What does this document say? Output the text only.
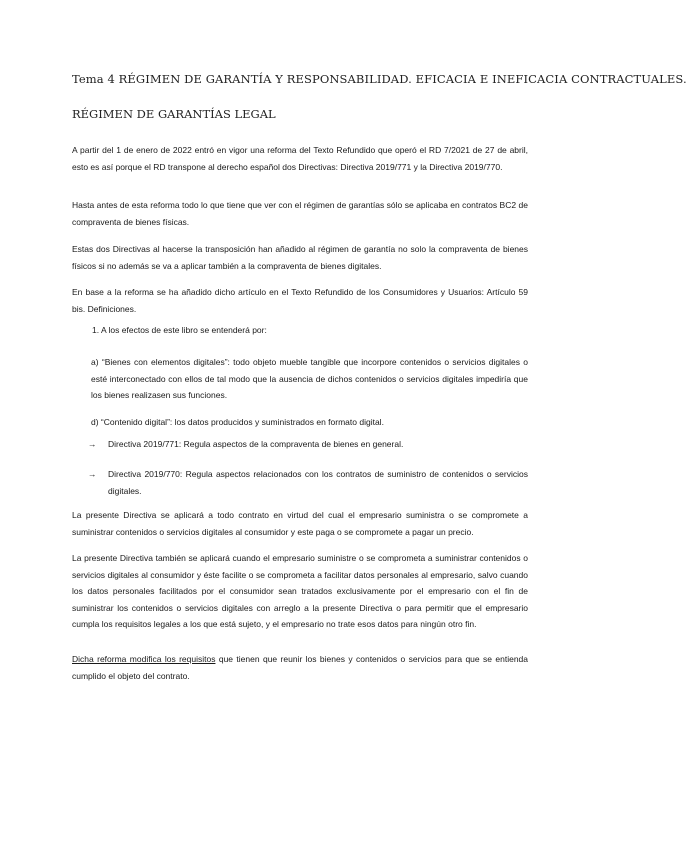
Tema 4 RÉGIMEN DE GARANTÍA Y RESPONSABILIDAD. EFICACIA E INEFICACIA CONTRACTUALES.
RÉGIMEN DE GARANTÍAS LEGAL

A partir del 1 de enero de 2022 entró en vigor una reforma del Texto Refundido que operó el RD 7/2021 de 27 de abril, esto es así porque el RD transpone al derecho español dos Directivas: Directiva 2019/771 y la Directiva 2019/770.

Hasta antes de esta reforma todo lo que tiene que ver con el régimen de garantías sólo se aplicaba en contratos BC2 de compraventa de bienes físicas.

Estas dos Directivas al hacerse la transposición han añadido al régimen de garantía no solo la compraventa de bienes físicos si no además se va a aplicar también a la compraventa de bienes digitales.

En base a la reforma se ha añadido dicho artículo en el Texto Refundido de los Consumidores y Usuarios: Artículo 59 bis. Definiciones.

1. A los efectos de este libro se entenderá por:

a) “Bienes con elementos digitales”: todo objeto mueble tangible que incorpore contenidos o servicios digitales o esté interconectado con ellos de tal modo que la ausencia de dichos contenidos o servicios digitales impediría que los bienes realizasen sus funciones.

d) “Contenido digital”: los datos producidos y suministrados en formato digital.

→ Directiva 2019/771: Regula aspectos de la compraventa de bienes en general.
→ Directiva 2019/770: Regula aspectos relacionados con los contratos de suministro de contenidos o servicios digitales.

La presente Directiva se aplicará a todo contrato en virtud del cual el empresario suministra o se compromete a suministrar contenidos o servicios digitales al consumidor y este paga o se compromete a pagar un precio.

La presente Directiva también se aplicará cuando el empresario suministre o se comprometa a suministrar contenidos o servicios digitales al consumidor y éste facilite o se comprometa a facilitar datos personales al empresario, salvo cuando los datos personales facilitados por el consumidor sean tratados exclusivamente por el empresario con el fin de suministrar los contenidos o servicios digitales con arreglo a la presente Directiva o para permitir que el empresario cumpla los requisitos legales a los que está sujeto, y el empresario no trate esos datos para ningún otro fin.

Dicha reforma modifica los requisitos que tienen que reunir los bienes y contenidos o servicios para que se entienda cumplido el objeto del contrato.
